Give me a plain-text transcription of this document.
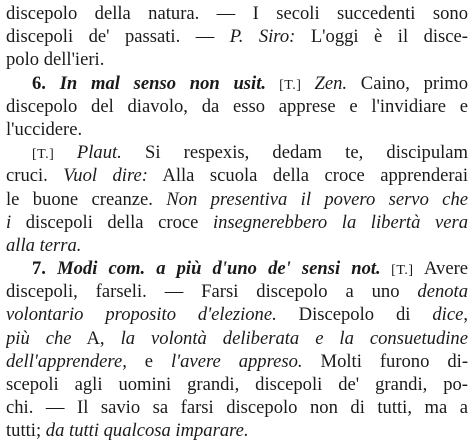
discepolo della natura. — I secoli succedenti sono
discepoli de' passati. — P. Siro: L'oggi è il disce-
polo dell'ieri.
6. In mal senso non usit. [T.] Zen. Caino, primo
discepolo del diavolo, da esso apprese e l'invidiare e
l'uccidere.
[T.] Plaut. Si respexis, dedam te, discipulam
cruci. Vuol dire: Alla scuola della croce apprenderai
le buone creanze. Non presentiva il povero servo che
i discepoli della croce insegnerebbero la libertà vera
alla terra.
7. Modi com. a più d'uno de' sensi not. [T.] Avere
discepoli, farseli. — Farsi discepolo a uno denota
volontario proposito d'elezione. Discepolo di dice,
più che A, la volontà deliberata e la consuetudine
dell'apprendere, e l'avere appreso. Molti furono di-
scepoli agli uomini grandi, discepoli de' grandi, po-
chi. — Il savio sa farsi discepolo non di tutti, ma a
tutti; da tutti qualcosa imparare.
